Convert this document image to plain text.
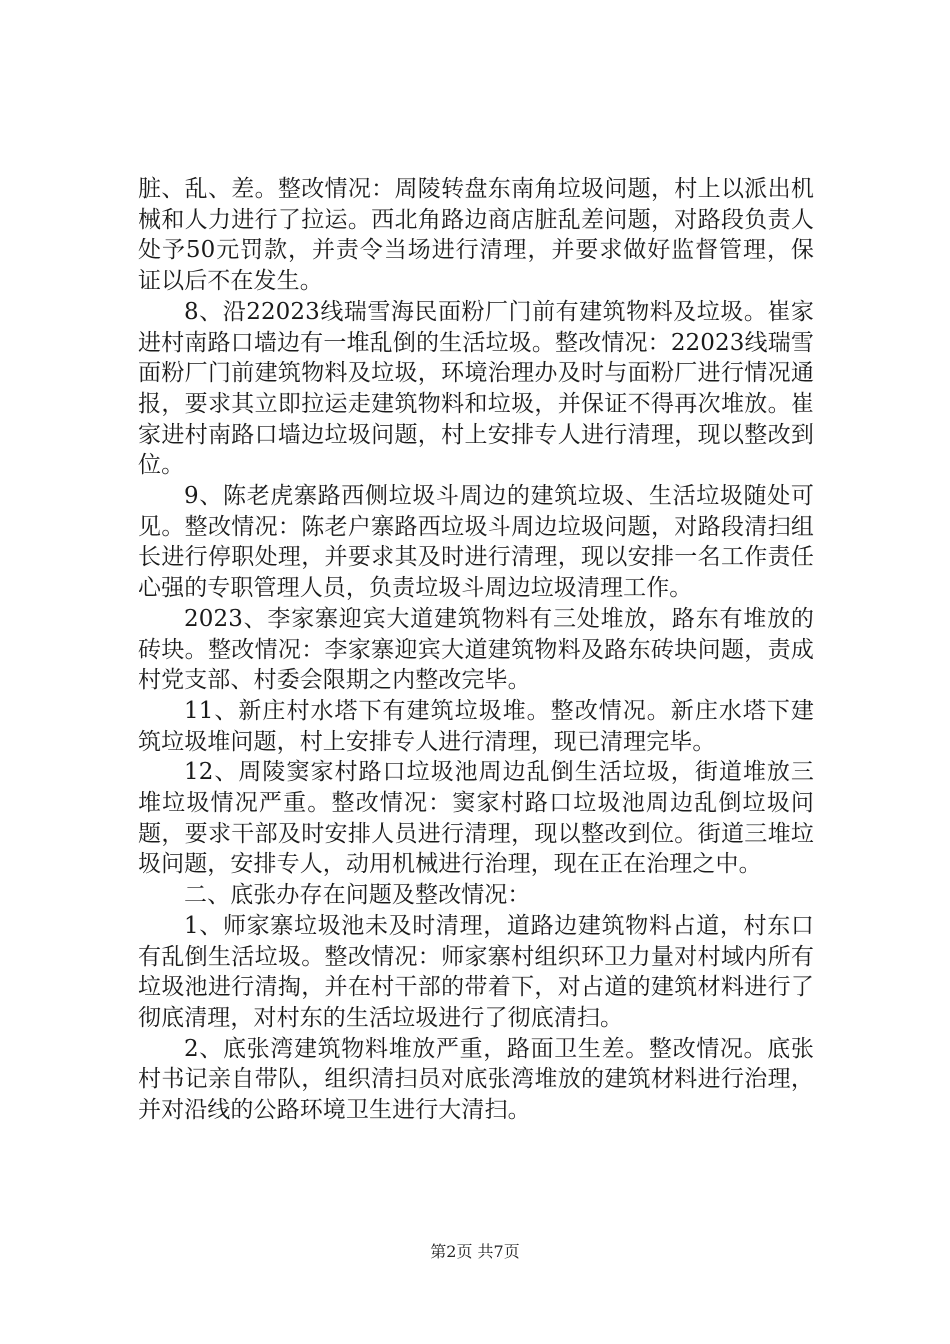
脏、乱、差。整改情况：周陵转盘东南角垃圾问题，村上以派出机械和人力进行了拉运。西北角路边商店脏乱差问题，对路段负责人处予50元罚款，并责令当场进行清理，并要求做好监督管理，保证以后不在发生。

8、沿22023线瑞雪海民面粉厂门前有建筑物料及垃圾。崔家进村南路口墙边有一堆乱倒的生活垃圾。整改情况：22023线瑞雪面粉厂门前建筑物料及垃圾，环境治理办及时与面粉厂进行情况通报，要求其立即拉运走建筑物料和垃圾，并保证不得再次堆放。崔家进村南路口墙边垃圾问题，村上安排专人进行清理，现以整改到位。

9、陈老虎寨路西侧垃圾斗周边的建筑垃圾、生活垃圾随处可见。整改情况：陈老户寨路西垃圾斗周边垃圾问题，对路段清扫组长进行停职处理，并要求其及时进行清理，现以安排一名工作责任心强的专职管理人员，负责垃圾斗周边垃圾清理工作。

2023、李家寨迎宾大道建筑物料有三处堆放，路东有堆放的砖块。整改情况：李家寨迎宾大道建筑物料及路东砖块问题，责成村党支部、村委会限期之内整改完毕。

11、新庄村水塔下有建筑垃圾堆。整改情况。新庄水塔下建筑垃圾堆问题，村上安排专人进行清理，现已清理完毕。

12、周陵窦家村路口垃圾池周边乱倒生活垃圾，街道堆放三堆垃圾情况严重。整改情况：窦家村路口垃圾池周边乱倒垃圾问题，要求干部及时安排人员进行清理，现以整改到位。街道三堆垃圾问题，安排专人，动用机械进行治理，现在正在治理之中。

二、底张办存在问题及整改情况：

1、师家寨垃圾池未及时清理，道路边建筑物料占道，村东口有乱倒生活垃圾。整改情况：师家寨村组织环卫力量对村域内所有垃圾池进行清掏，并在村干部的带着下，对占道的建筑材料进行了彻底清理，对村东的生活垃圾进行了彻底清扫。

2、底张湾建筑物料堆放严重，路面卫生差。整改情况。底张村书记亲自带队，组织清扫员对底张湾堆放的建筑材料进行治理，并对沿线的公路环境卫生进行大清扫。

第2页 共7页
